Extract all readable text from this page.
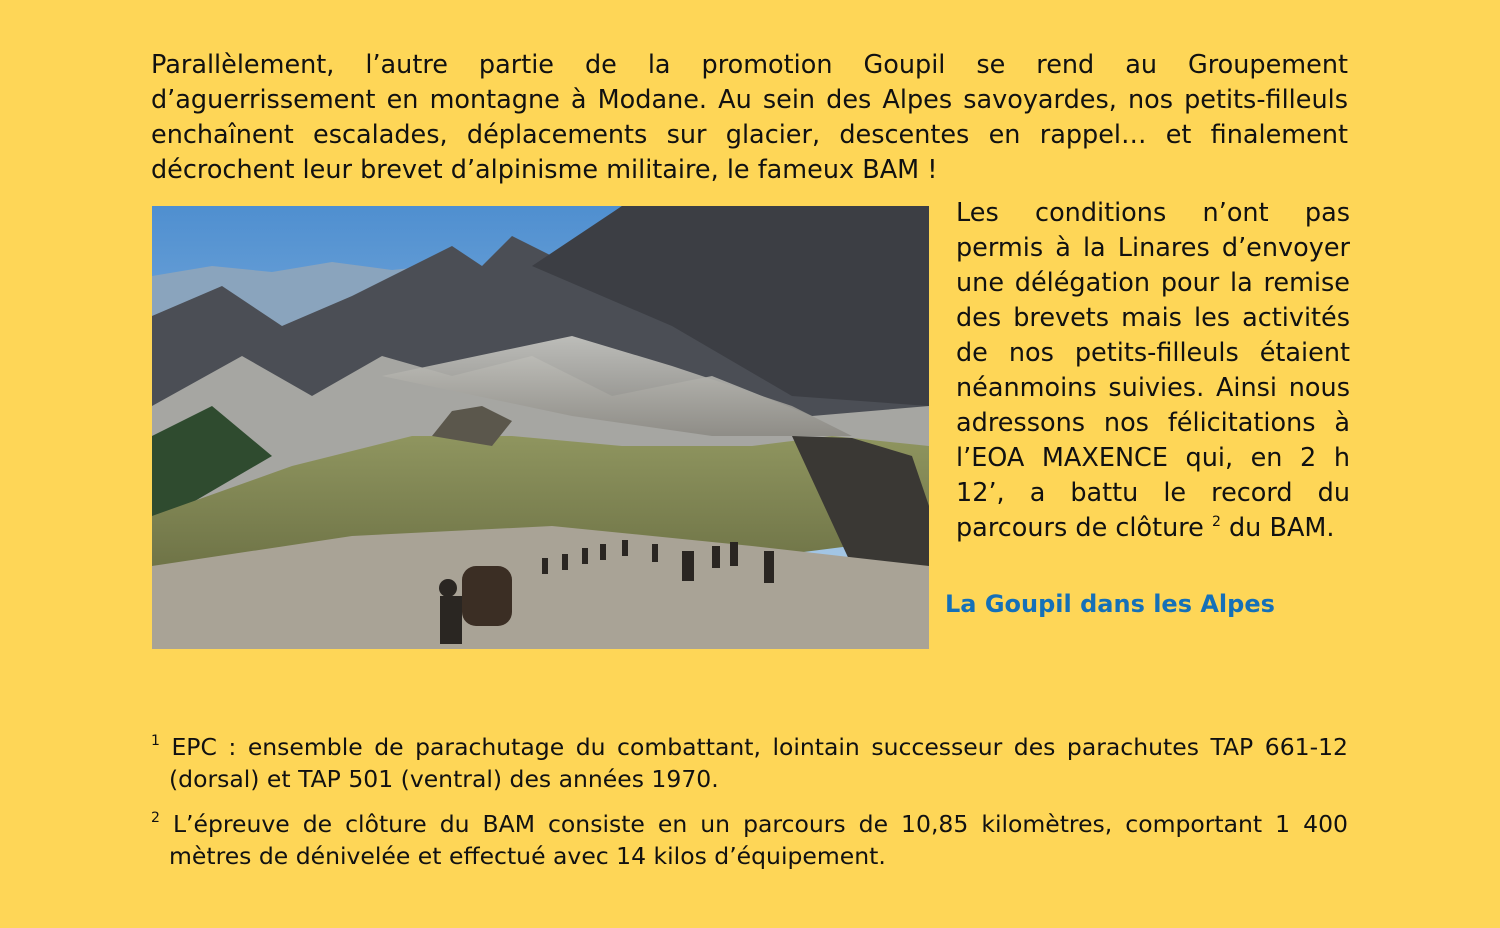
Parallèlement, l’autre partie de la promotion Goupil se rend au Groupement d’aguerrissement en montagne à Modane. Au sein des Alpes savoyardes, nos petits-filleuls enchaînent escalades, déplacements sur glacier, descentes en rappel… et finalement décrochent leur brevet d’alpinisme militaire, le fameux BAM !

Les conditions n’ont pas permis à la Linares d’envoyer une délégation pour la remise des brevets mais les activités de nos petits-filleuls étaient néanmoins suivies. Ainsi nous adressons nos félicitations à l’EOA MAXENCE qui, en 2 h 12’, a battu le record du parcours de clôture $^2$ du BAM.

La Goupil dans les Alpes

$^1$ EPC : ensemble de parachutage du combattant, lointain successeur des parachutes TAP 661-12 (dorsal) et TAP 501 (ventral) des années 1970.

$^2$ L’épreuve de clôture du BAM consiste en un parcours de 10,85 kilomètres, comportant 1 400 mètres de dénivelée et effectué avec 14 kilos d’équipement.
